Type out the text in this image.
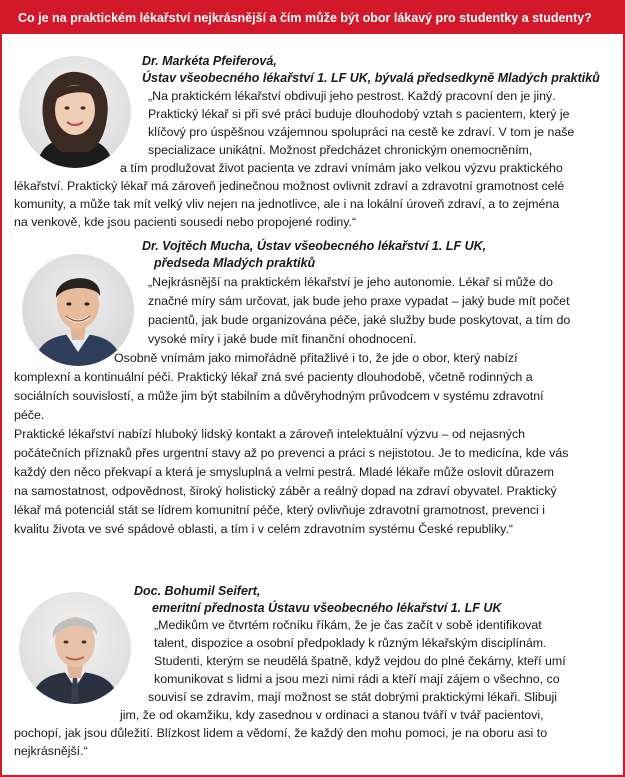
Co je na praktickém lékařství nejkrásnější a čím může být obor lákavý pro studentky a studenty?
Dr. Markéta Pfeiferová,
Ústav všeobecného lékařství 1. LF UK, bývalá předsedkyně Mladých praktiků
„Na praktickém lékařství obdivuji jeho pestrost. Každý pracovní den je jiný.
Praktický lékař si při své práci buduje dlouhodobý vztah s pacientem, který je
klíčový pro úspěšnou vzájemnou spolupráci na cestě ke zdraví. V tom je naše
specializace unikátní. Možnost předcházet chronickým onemocněním,
a tím prodlužovat život pacienta ve zdraví vnímám jako velkou výzvu praktického
lékařství. Praktický lékař má zároveň jedinečnou možnost ovlivnit zdraví a zdravotní gramotnost celé
komunity, a může tak mít velký vliv nejen na jednotlivce, ale i na lokální úroveň zdraví, a to zejména
na venkově, kde jsou pacienti sousedi nebo propojené rodiny.“
Dr. Vojtěch Mucha, Ústav všeobecného lékařství 1. LF UK,
předseda Mladých praktiků
„Nejkrásnější na praktickém lékařství je jeho autonomie. Lékař si může do
značné míry sám určovat, jak bude jeho praxe vypadat – jaký bude mít počet
pacientů, jak bude organizována péče, jaké služby bude poskytovat, a tím do
vysoké míry i jaké bude mít finanční ohodnocení.
Osobně vnímám jako mimořádně přitažlivé i to, že jde o obor, který nabízí
komplexní a kontinuální péči. Praktický lékař zná své pacienty dlouhodobě, včetně rodinných a
sociálních souvislostí, a může jim být stabilním a důvěryhodným průvodcem v systému zdravotní
péče.
Praktické lékařství nabízí hluboký lidský kontakt a zároveň intelektuální výzvu – od nejasných
počátečních příznaků přes urgentní stavy až po prevenci a práci s nejistotou. Je to medicína, kde vás
každý den něco překvapí a která je smysluplná a velmi pestrá. Mladé lékaře může oslovit důrazem
na samostatnost, odpovědnost, široký holistický záběr a reálný dopad na zdraví obyvatel. Praktický
lékař má potenciál stát se lídrem komunitní péče, který ovlivňuje zdravotní gramotnost, prevenci i
kvalitu života ve své spádové oblasti, a tím i v celém zdravotním systému České republiky.“
Doc. Bohumil Seifert,
emeritní přednosta Ústavu všeobecného lékařství 1. LF UK
„Medikům ve čtvrtém ročníku říkám, že je čas začít v sobě identifikovat
talent, dispozice a osobní předpoklady k různým lékařským disciplínám.
Studenti, kterým se neudělá špatně, když vejdou do plné čekárny, kteří umí
komunikovat s lidmi a jsou mezi nimi rádi a kteří mají zájem o všechno, co
souvisí se zdravím, mají možnost se stát dobrými praktickými lékaři. Slibuji
jim, že od okamžiku, kdy zasednou v ordinaci a stanou tváří v tvář pacientovi,
pochopí, jak jsou důležití. Blízkost lidem a vědomí, že každý den mohu pomoci, je na oboru asi to
nejkrásnější.“
